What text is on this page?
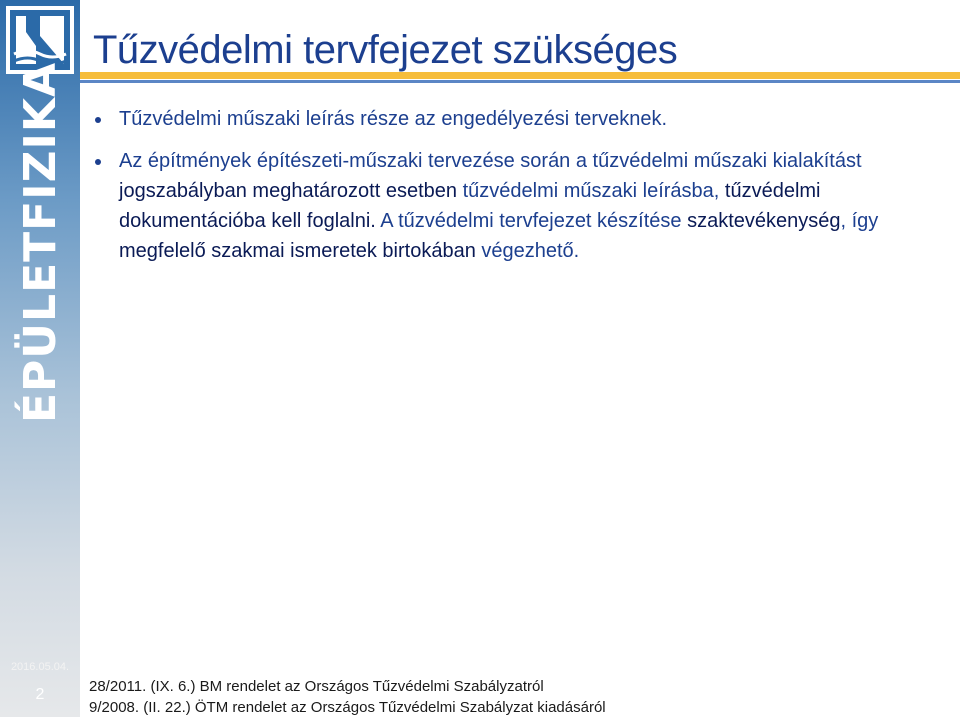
ÉPÜLETFIZIKA
2016.05.04.
2
Tűzvédelmi tervfejezet szükséges
Tűzvédelmi műszaki leírás része az engedélyezési terveknek.
Az építmények építészeti-műszaki tervezése során a tűzvédelmi műszaki kialakítást jogszabályban meghatározott esetben tűzvédelmi műszaki leírásba, tűzvédelmi dokumentációba kell foglalni. A tűzvédelmi tervfejezet készítése szaktevékenység, így megfelelő szakmai ismeretek birtokában végezhető.
28/2011. (IX. 6.) BM rendelet az Országos Tűzvédelmi Szabályzatról
9/2008. (II. 22.) ÖTM rendelet az Országos Tűzvédelmi Szabályzat kiadásáról
